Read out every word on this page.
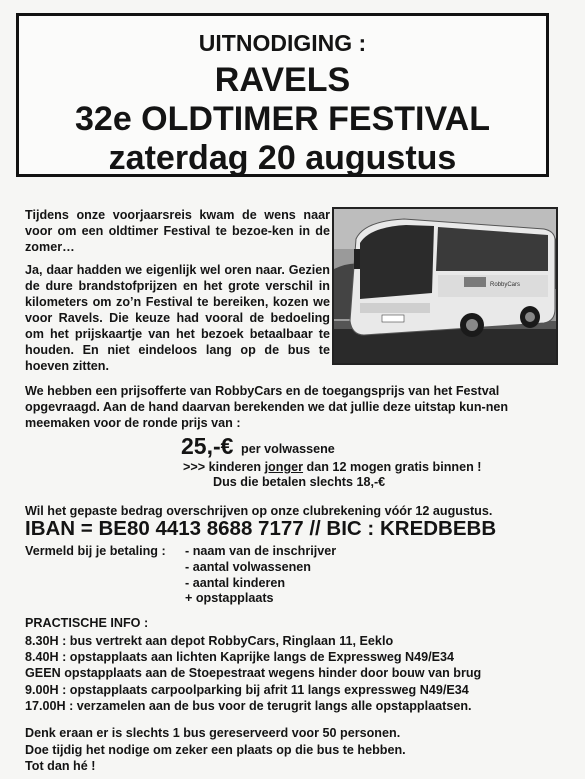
UITNODIGING :
RAVELS
32e OLDTIMER FESTIVAL
zaterdag 20 augustus

Tijdens onze voorjaarsreis kwam de wens naar voor om een oldtimer Festival te bezoe-ken in de zomer…

Ja, daar hadden we eigenlijk wel oren naar. Gezien de dure brandstofprijzen en het grote verschil in kilometers om zo’n Festival te bereiken, kozen we voor Ravels. Die keuze had vooral de bedoeling om het prijskaartje van het bezoek betaalbaar te houden. En niet eindeloos lang op de bus te hoeven zitten.

RobbyCars

We hebben een prijsofferte van RobbyCars en de toegangsprijs van het Festval opgevraagd. Aan de hand daarvan berekenden we dat jullie deze uitstap kun-nen meemaken voor de ronde prijs van :

25,-€ per volwassene
>>> kinderen jonger dan 12 mogen gratis binnen !
Dus die betalen slechts 18,-€
Wil het gepaste bedrag overschrijven op onze clubrekening vóór 12 augustus.
IBAN = BE80 4413 8688 7177 // BIC : KREDBEBB
Vermeld bij je betaling : - naam van de inschrijver
- aantal volwassenen
- aantal kinderen
+ opstapplaats
PRACTISCHE INFO :
8.30H : bus vertrekt aan depot RobbyCars, Ringlaan 11, Eeklo
8.40H : opstapplaats aan lichten Kaprijke langs de Expressweg N49/E34
GEEN opstapplaats aan de Stoepestraat wegens hinder door bouw van brug
9.00H : opstapplaats carpoolparking bij afrit 11 langs expressweg N49/E34
17.00H : verzamelen aan de bus voor de terugrit langs alle opstapplaatsen.
Denk eraan er is slechts 1 bus gereserveerd voor 50 personen.
Doe tijdig het nodige om zeker een plaats op die bus te hebben.
Tot dan hé !
